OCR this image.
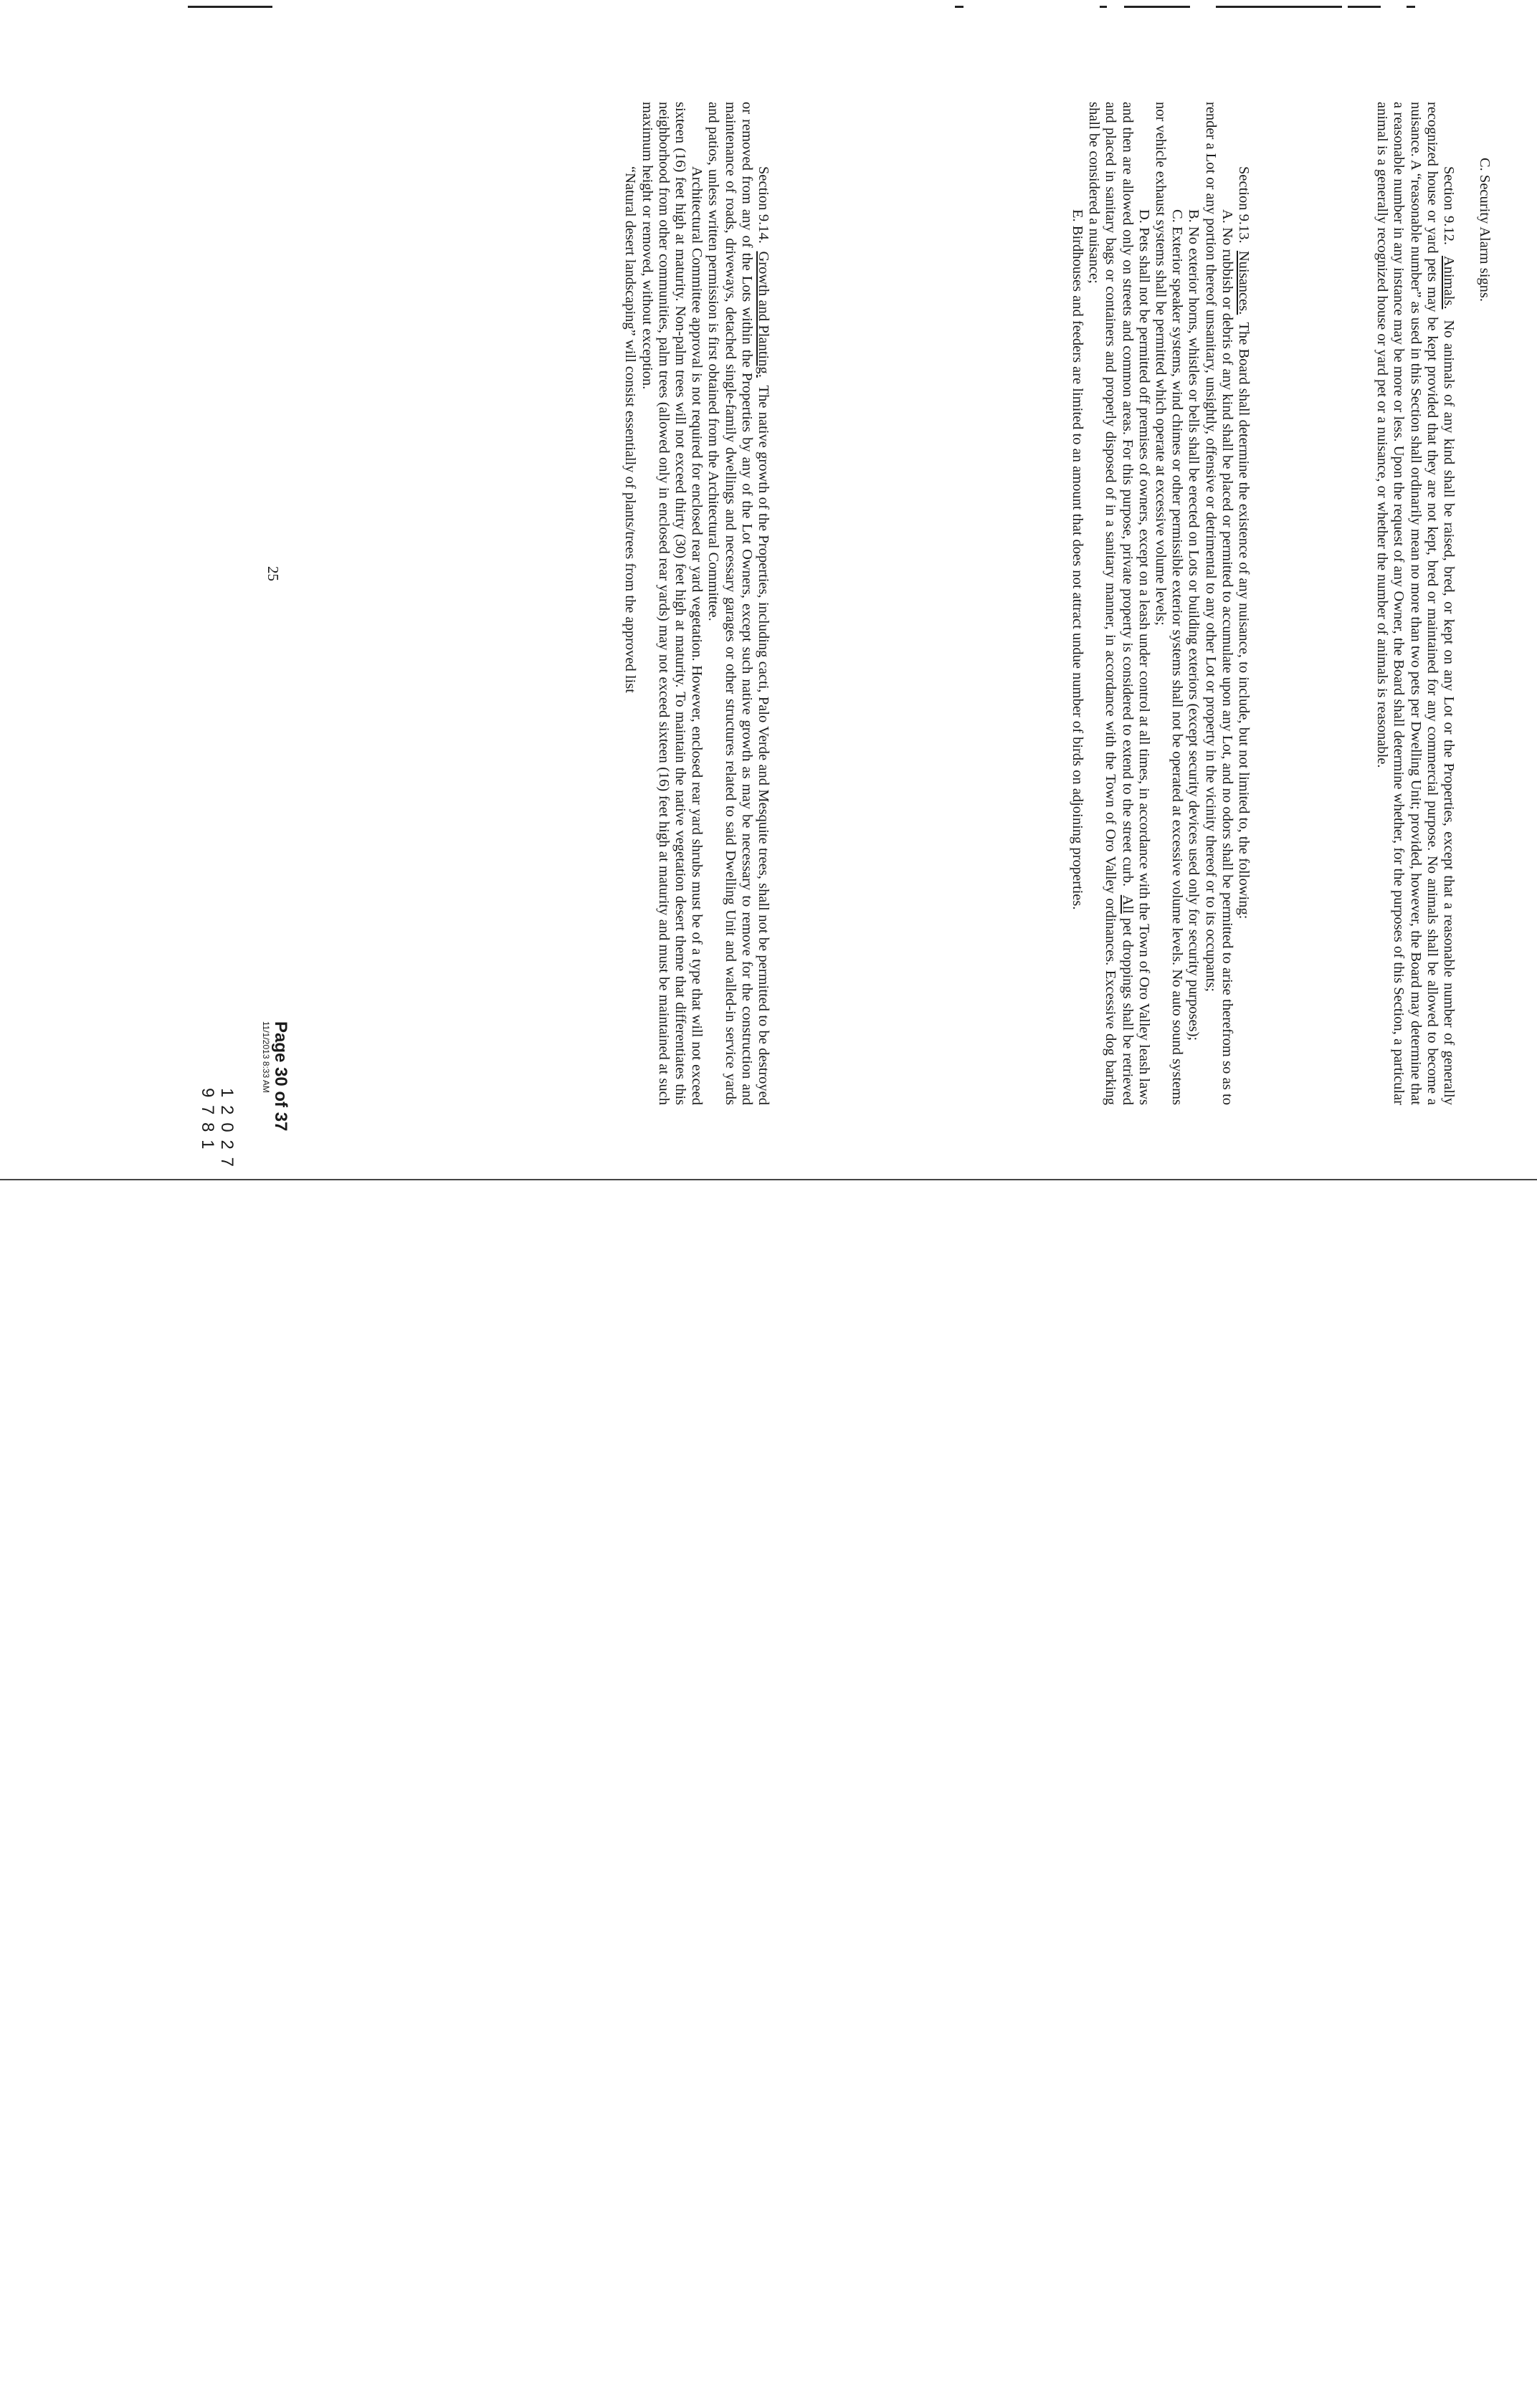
C. Security Alarm signs.

Section 9.12.  Animals.  No animals of any kind shall be raised, bred, or kept on any Lot or the Properties, except that a reasonable number of generally recognized house or yard pets may be kept provided that they are not kept, bred or maintained for any commercial purpose. No animals shall be allowed to become a nuisance. A “reasonable number” as used in this Section shall ordinarily mean no more than two pets per Dwelling Unit; provided, however, the Board may determine that a reasonable number in any instance may be more or less. Upon the request of any Owner, the Board shall determine whether, for the purposes of this Section, a particular animal is a generally recognized house or yard pet or a nuisance, or whether the number of animals is reasonable.

Section 9.13.  Nuisances.  The Board shall determine the existence of any nuisance, to include, but not limited to, the following:

A. No rubbish or debris of any kind shall be placed or permitted to accumulate upon any Lot, and no odors shall be permitted to arise therefrom so as to render a Lot or any portion thereof unsanitary, unsightly, offensive or detrimental to any other Lot or property in the vicinity thereof or to its occupants;

B. No exterior horns, whistles or bells shall be erected on Lots or building exteriors (except security devices used only for security purposes);

C. Exterior speaker systems, wind chimes or other permissible exterior systems shall not be operated at excessive volume levels. No auto sound systems nor vehicle exhaust systems shall be permitted which operate at excessive volume levels;

D. Pets shall not be permitted off premises of owners, except on a leash under control at all times, in accordance with the Town of Oro Valley leash laws and then are allowed only on streets and common areas. For this purpose, private property is considered to extend to the street curb.  All pet droppings shall be retrieved and placed in sanitary bags or containers and properly disposed of in a sanitary manner, in accordance with the Town of Oro Valley ordinances. Excessive dog barking shall be considered a nuisance;

E. Birdhouses and feeders are limited to an amount that does not attract undue number of birds on adjoining properties.

Section 9.14.  Growth and Planting.  The native growth of the Properties, including cacti, Palo Verde and Mesquite trees, shall not be permitted to be destroyed or removed from any of the Lots within the Properties by any of the Lot Owners, except such native growth as may be necessary to remove for the construction and maintenance of roads, driveways, detached single-family dwellings and necessary garages or other structures related to said Dwelling Unit and walled-in service yards and patios, unless written permission is first obtained from the Architectural Committee.

Architectural Committee approval is not required for enclosed rear yard vegetation. However, enclosed rear yard shrubs must be of a type that will not exceed sixteen (16) feet high at maturity. Non-palm trees will not exceed thirty (30) feet high at maturity. To maintain the native vegetation desert theme that differentiates this neighborhood from other communities, palm trees (allowed only in enclosed rear yards) may not exceed sixteen (16) feet high at maturity and must be maintained at such maximum height or removed, without exception.

“Natural desert landscaping” will consist essentially of plants/trees from the approved list

25

Page 30 of 37
11/1/2013 8:33 AM
1 2 0 2 7 9 7 8 1
